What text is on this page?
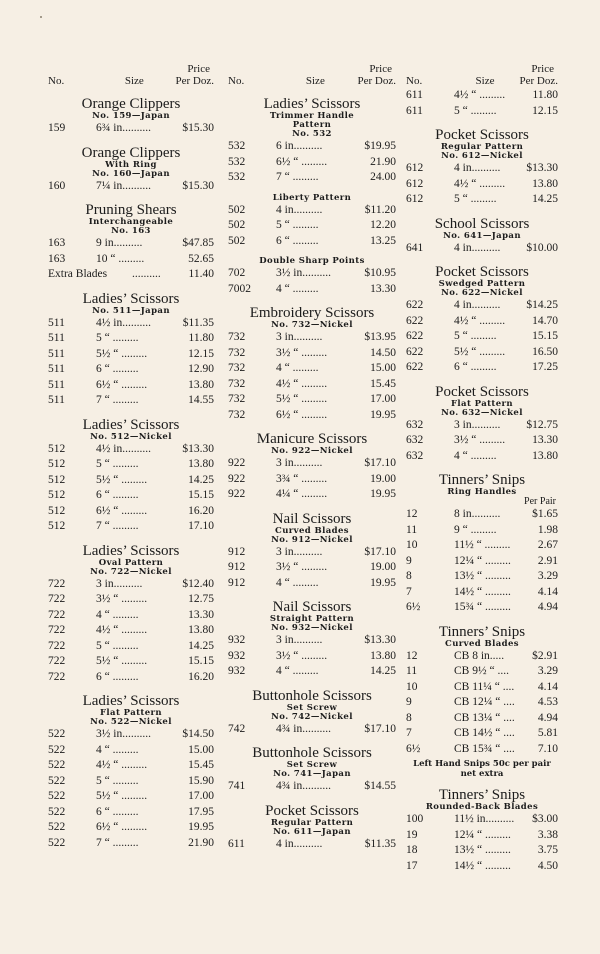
Price
No.	Size	Per Doz.
Orange Clippers
No. 159—Japan
159	6¾ in..........	$15.30
Orange Clippers
With Ring
No. 160—Japan
160	7¼ in..........	$15.30
Pruning Shears
Interchangeable
No. 163
163	9 in..........	$47.85
163	10 “ .........	52.65
Extra Blades	..........	11.40
Ladies’ Scissors
No. 511—Japan
511	4½ in..........	$11.35
511	5 “ .........	11.80
511	5½ “ .........	12.15
511	6 “ .........	12.90
511	6½ “ .........	13.80
511	7 “ .........	14.55
Ladies’ Scissors
No. 512—Nickel
512	4½ in..........	$13.30
512	5 “ .........	13.80
512	5½ “ .........	14.25
512	6 “ .........	15.15
512	6½ “ .........	16.20
512	7 “ .........	17.10
Ladies’ Scissors
Oval Pattern
No. 722—Nickel
722	3 in..........	$12.40
722	3½ “ .........	12.75
722	4 “ .........	13.30
722	4½ “ .........	13.80
722	5 “ .........	14.25
722	5½ “ .........	15.15
722	6 “ .........	16.20
Ladies’ Scissors
Flat Pattern
No. 522—Nickel
522	3½ in..........	$14.50
522	4 “ .........	15.00
522	4½ “ .........	15.45
522	5 “ .........	15.90
522	5½ “ .........	17.00
522	6 “ .........	17.95
522	6½ “ .........	19.95
522	7 “ .........	21.90
Price
No.	Size	Per Doz.
Ladies’ Scissors
Trimmer Handle
Pattern
No. 532
532	6 in..........	$19.95
532	6½ “ .........	21.90
532	7 “ .........	24.00
Liberty Pattern
502	4 in..........	$11.20
502	5 “ .........	12.20
502	6 “ .........	13.25
Double Sharp Points
702	3½ in..........	$10.95
7002	4 “ .........	13.30
Embroidery Scissors
No. 732—Nickel
732	3 in..........	$13.95
732	3½ “ .........	14.50
732	4 “ .........	15.00
732	4½ “ .........	15.45
732	5½ “ .........	17.00
732	6½ “ .........	19.95
Manicure Scissors
No. 922—Nickel
922	3 in..........	$17.10
922	3¾ “ .........	19.00
922	4¼ “ .........	19.95
Nail Scissors
Curved Blades
No. 912—Nickel
912	3 in..........	$17.10
912	3½ “ .........	19.00
912	4 “ .........	19.95
Nail Scissors
Straight Pattern
No. 932—Nickel
932	3 in..........	$13.30
932	3½ “ .........	13.80
932	4 “ .........	14.25
Buttonhole Scissors
Set Screw
No. 742—Nickel
742	4¾ in..........	$17.10
Buttonhole Scissors
Set Screw
No. 741—Japan
741	4¾ in..........	$14.55
Pocket Scissors
Regular Pattern
No. 611—Japan
611	4 in..........	$11.35
Price
No.	Size Per Doz.
611	4½ “ .........	11.80
611	5 “ .........	12.15
Pocket Scissors
Regular Pattern
No. 612—Nickel
612	4 in..........	$13.30
612	4½ “ .........	13.80
612	5 “ .........	14.25
School Scissors
No. 641—Japan
641	4 in..........	$10.00
Pocket Scissors
Swedged Pattern
No. 622—Nickel
622	4 in..........	$14.25
622	4½ “ .........	14.70
622	5 “ .........	15.15
622	5½ “ .........	16.50
622	6 “ .........	17.25
Pocket Scissors
Flat Pattern
No. 632—Nickel
632	3 in..........	$12.75
632	3½ “ .........	13.30
632	4 “ .........	13.80
Tinners’ Snips
Ring Handles
Per Pair
12	8 in..........	$1.65
11	9 “ .........	1.98
10	11½ “ .........	2.67
9	12¼ “ .........	2.91
8	13½ “ .........	3.29
7	14½ “ .........	4.14
6½	15¾ “ .........	4.94
Tinners’ Snips
Curved Blades
12	CB 8 in.....	$2.91
11	CB 9½ “ ....	3.29
10	CB 11¼ “ ....	4.14
9	CB 12¼ “ ....	4.53
8	CB 13¼ “ ....	4.94
7	CB 14½ “ ....	5.81
6½	CB 15¾ “ ....	7.10
Left Hand Snips 50c per pair net extra
Tinners’ Snips
Rounded-Back Blades
100	11½ in..........	$3.00
19	12¼ “ .........	3.38
18	13½ “ .........	3.75
17	14½ “ .........	4.50
